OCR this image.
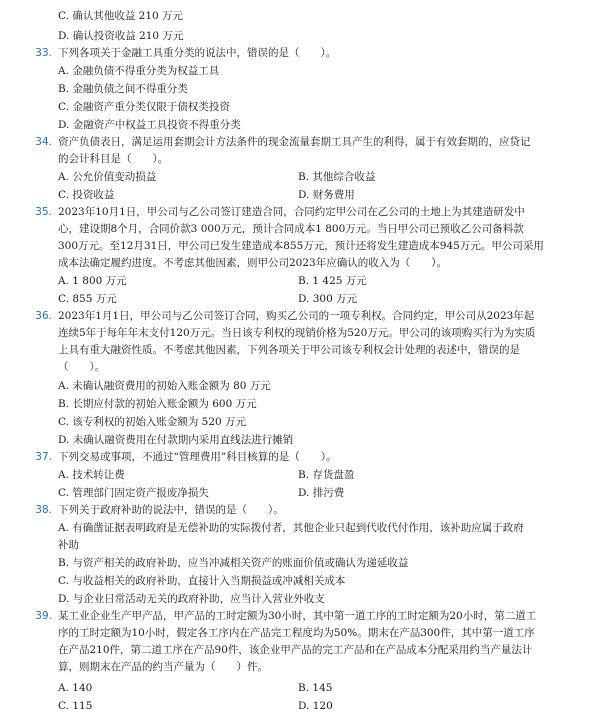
C. 确认其他收益 210 万元
D. 确认投资收益 210 万元
33. 下列各项关于金融工具重分类的说法中，错误的是（　　）。
A. 金融负债不得重分类为权益工具
B. 金融负债之间不得重分类
C. 金融资产重分类仅限于债权类投资
D. 金融资产中权益工具投资不得重分类
34. 资产负债表日，满足运用套期会计方法条件的现金流量套期工具产生的利得，属于有效套期的，应贷记
的会计科目是（　　）。
A. 公允价值变动损益	B. 其他综合收益
C. 投资收益	D. 财务费用
35. 2023年10月1日，甲公司与乙公司签订建造合同，合同约定甲公司在乙公司的土地上为其建造研发中
心，建设期8个月，合同价款3 000万元，预计合同成本1 800万元。当日甲公司已预收乙公司备料款
300万元。至12月31日，甲公司已发生建造成本855万元，预计还将发生建造成本945万元。甲公司采用
成本法确定履约进度。不考虑其他因素，则甲公司2023年应确认的收入为（　　）。
A. 1 800 万元	B. 1 425 万元
C. 855 万元	D. 300 万元
36. 2023年1月1日，甲公司与乙公司签订合同，购买乙公司的一项专利权。合同约定，甲公司从2023年起
连续5年于每年年末支付120万元。当日该专利权的现销价格为520万元。甲公司的该项购买行为为实质
上具有重大融资性质。不考虑其他因素，下列各项关于甲公司该专利权会计处理的表述中，错误的是
（　　）。
A. 未确认融资费用的初始入账金额为 80 万元
B. 长期应付款的初始入账金额为 600 万元
C. 该专利权的初始入账金额为 520 万元
D. 未确认融资费用在付款期内采用直线法进行摊销
37. 下列交易或事项，不通过“管理费用”科目核算的是（　　）。
A. 技术转让费	B. 存货盘盈
C. 管理部门固定资产报废净损失	D. 排污费
38. 下列关于政府补助的说法中，错误的是（　　）。
A. 有确凿证据表明政府是无偿补助的实际拨付者，其他企业只起到代收代付作用，该补助应属于政府
补助
B. 与资产相关的政府补助，应当冲减相关资产的账面价值或确认为递延收益
C. 与收益相关的政府补助，直接计入当期损益或冲减相关成本
D. 与企业日常活动无关的政府补助，应当计入营业外收支
39. 某工业企业生产甲产品，甲产品的工时定额为30小时，其中第一道工序的工时定额为20小时，第二道工
序的工时定额为10小时，假定各工序内在产品完工程度均为50%。期末在产品300件，其中第一道工序
在产品210件，第二道工序在产品90件，该企业甲产品的完工产品和在产品成本分配采用约当产量法计
算，则期末在产品的约当产量为（　　）件。
A. 140	B. 145
C. 115	D. 120
